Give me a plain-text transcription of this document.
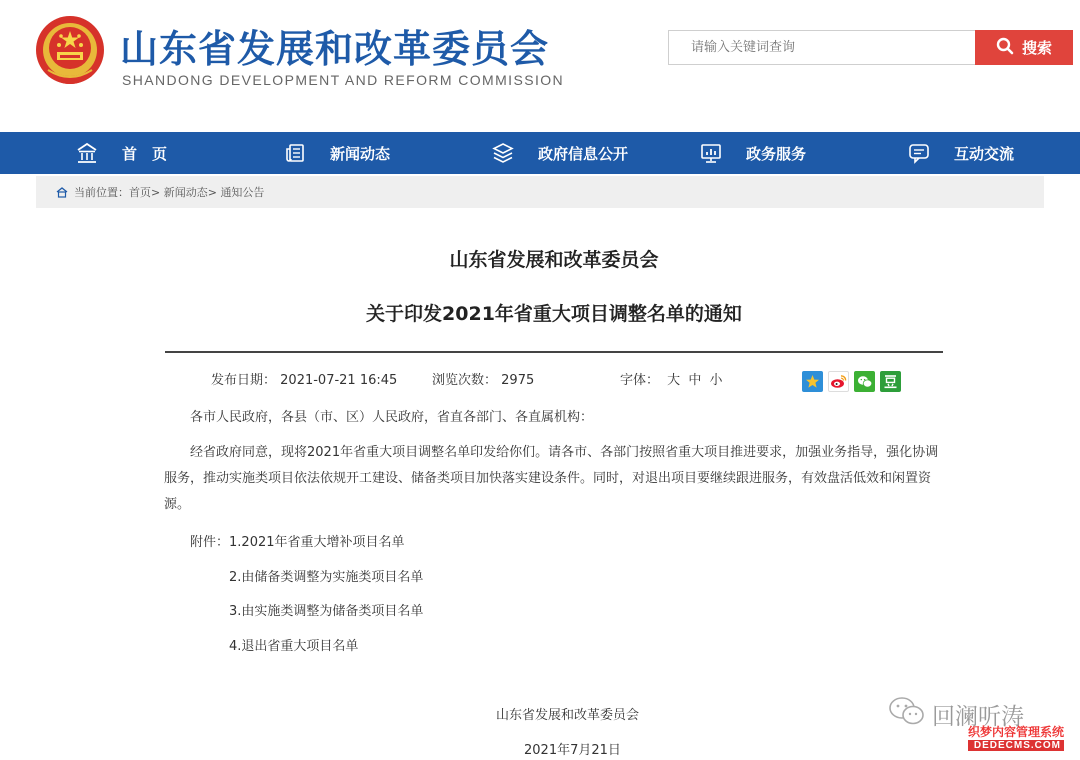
山东省发展和改革委员会
SHANDONG DEVELOPMENT AND REFORM COMMISSION
请输入关键词查询
搜索
首　页	新闻动态	政府信息公开	政务服务	互动交流
当前位置： 首页 > 新闻动态 > 通知公告
山东省发展和改革委员会
关于印发2021年省重大项目调整名单的通知
发布日期： 2021-07-21 16:45	浏览次数： 2975	字体： 大 中 小
各市人民政府，各县（市、区）人民政府，省直各部门、各直属机构：
经省政府同意，现将2021年省重大项目调整名单印发给你们。请各市、各部门按照省重大项目推进要求，加强业务指导，强化协调服务，推动实施类项目依法依规开工建设、储备类项目加快落实建设条件。同时，对退出项目要继续跟进服务，有效盘活低效和闲置资源。
附件：1.2021年省重大增补项目名单
2.由储备类调整为实施类项目名单
3.由实施类调整为储备类项目名单
4.退出省重大项目名单
山东省发展和改革委员会
2021年7月21日
回澜听涛
织梦内容管理系统
DEDECMS.COM
